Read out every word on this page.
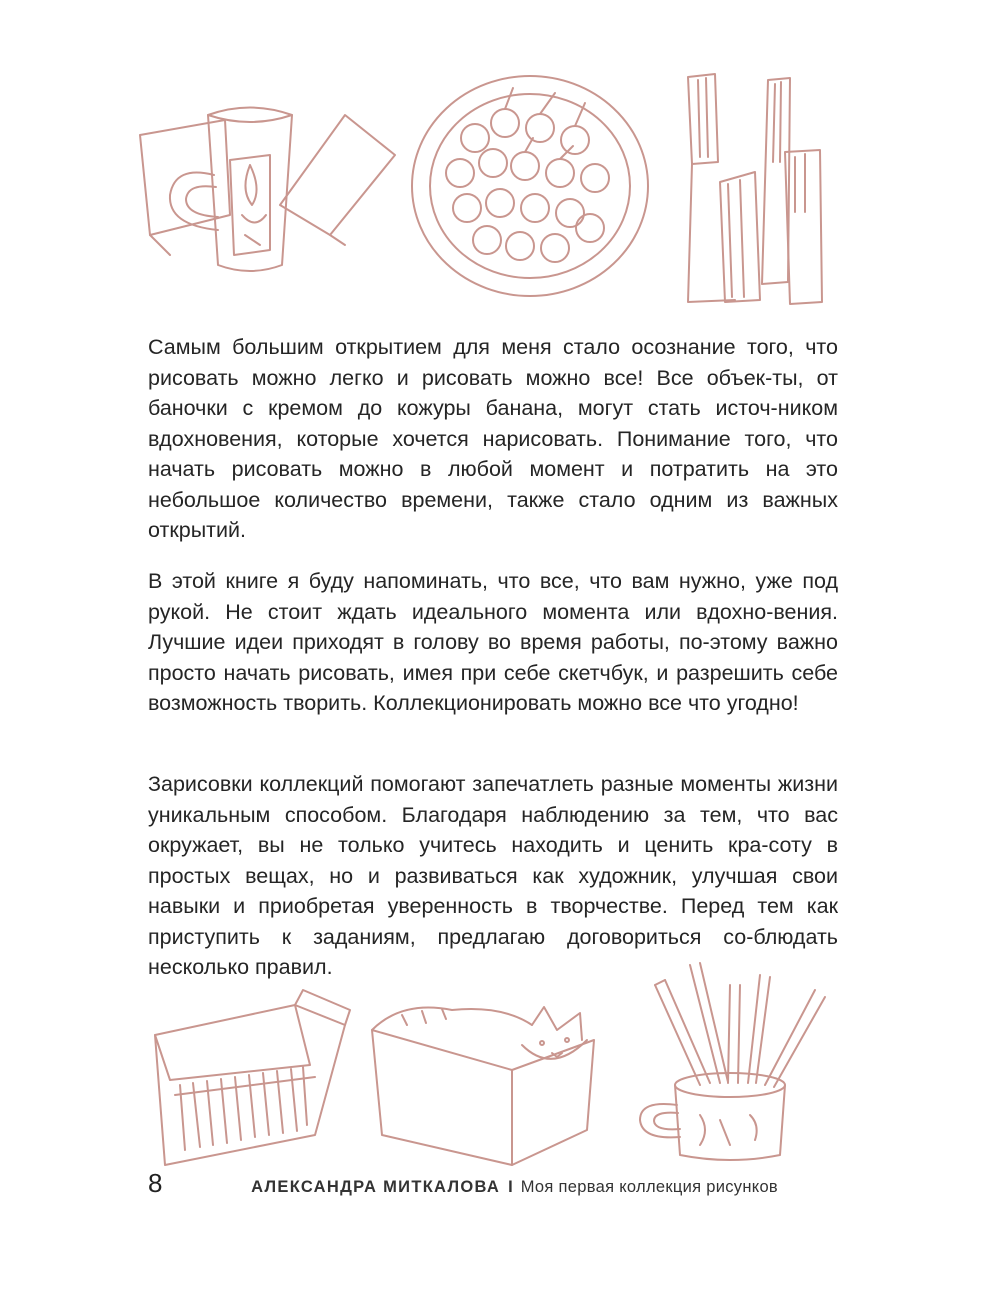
Самым большим открытием для меня стало осознание того, что рисовать можно легко и рисовать можно все! Все объек-ты, от баночки с кремом до кожуры банана, могут стать источ-ником вдохновения, которые хочется нарисовать. Понимание того, что начать рисовать можно в любой момент и потратить на это небольшое количество времени, также стало одним из важных открытий.

В этой книге я буду напоминать, что все, что вам нужно, уже под рукой. Не стоит ждать идеального момента или вдохно-вения. Лучшие идеи приходят в голову во время работы, по-этому важно просто начать рисовать, имея при себе скетчбук, и разрешить себе возможность творить. Коллекционировать можно все что угодно!

Зарисовки коллекций помогают запечатлеть разные моменты жизни уникальным способом. Благодаря наблюдению за тем, что вас окружает, вы не только учитесь находить и ценить кра-соту в простых вещах, но и развиваться как художник, улучшая свои навыки и приобретая уверенность в творчестве. Перед тем как приступить к заданиям, предлагаю договориться со-блюдать несколько правил.

8	АЛЕКСАНДРА МИТКАЛОВА I Моя первая коллекция рисунков
